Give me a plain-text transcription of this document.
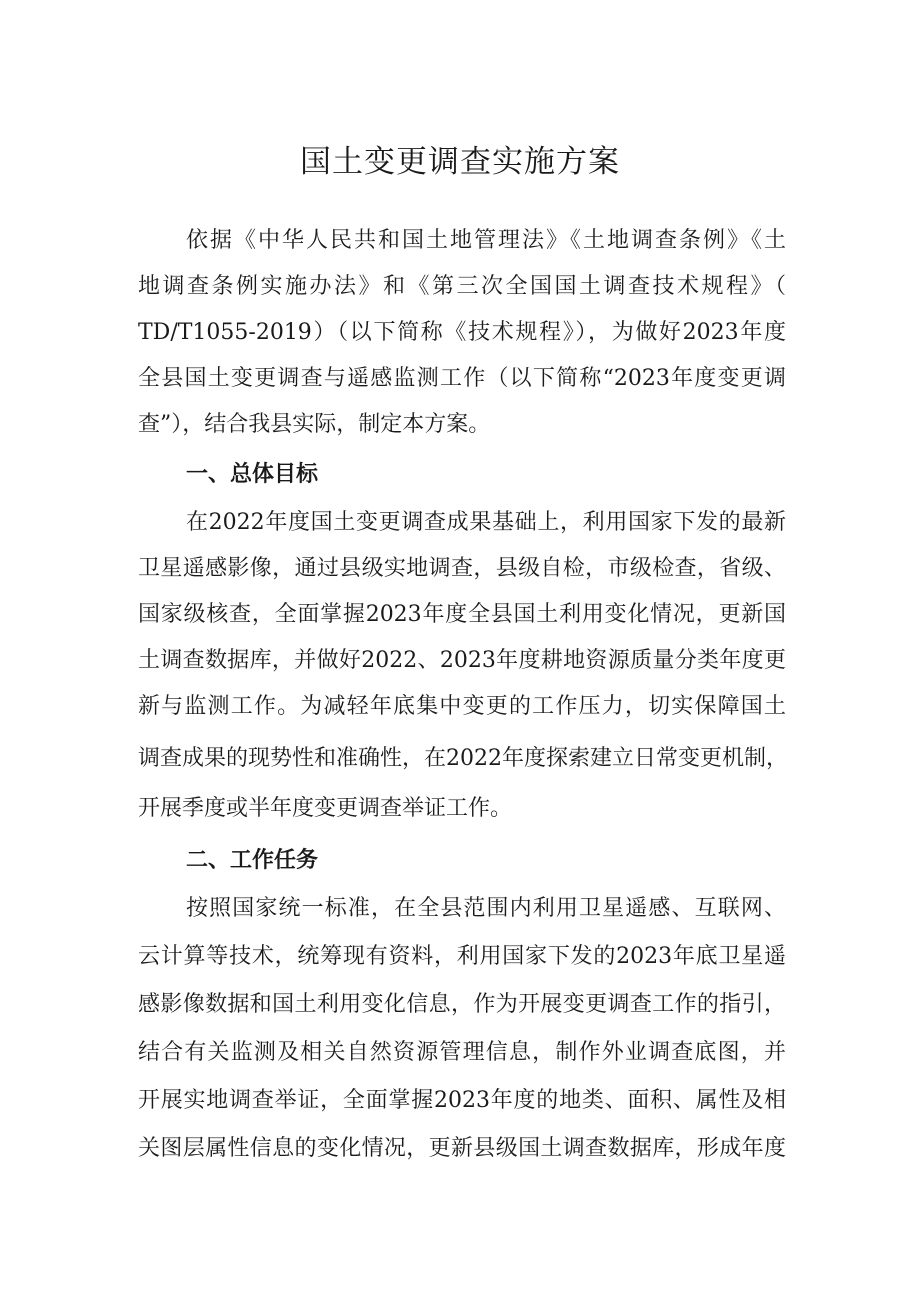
国土变更调查实施方案
依据《中华人民共和国土地管理法》《土地调查条例》《土
地调查条例实施办法》和《第三次全国国土调查技术规程》（
TD/T1055-2019）（以下简称《技术规程》），为做好2023年度
全县国土变更调查与遥感监测工作（以下简称“2023年度变更调
查”），结合我县实际，制定本方案。
一、总体目标
在2022年度国土变更调查成果基础上，利用国家下发的最新
卫星遥感影像，通过县级实地调查，县级自检，市级检查，省级、
国家级核查，全面掌握2023年度全县国土利用变化情况，更新国
土调查数据库，并做好2022、2023年度耕地资源质量分类年度更
新与监测工作。为减轻年底集中变更的工作压力，切实保障国土
调查成果的现势性和准确性，在2022年度探索建立日常变更机制，
开展季度或半年度变更调查举证工作。
二、工作任务
按照国家统一标准，在全县范围内利用卫星遥感、互联网、
云计算等技术，统筹现有资料，利用国家下发的2023年底卫星遥
感影像数据和国土利用变化信息，作为开展变更调查工作的指引，
结合有关监测及相关自然资源管理信息，制作外业调查底图，并
开展实地调查举证，全面掌握2023年度的地类、面积、属性及相
关图层属性信息的变化情况，更新县级国土调查数据库，形成年度
